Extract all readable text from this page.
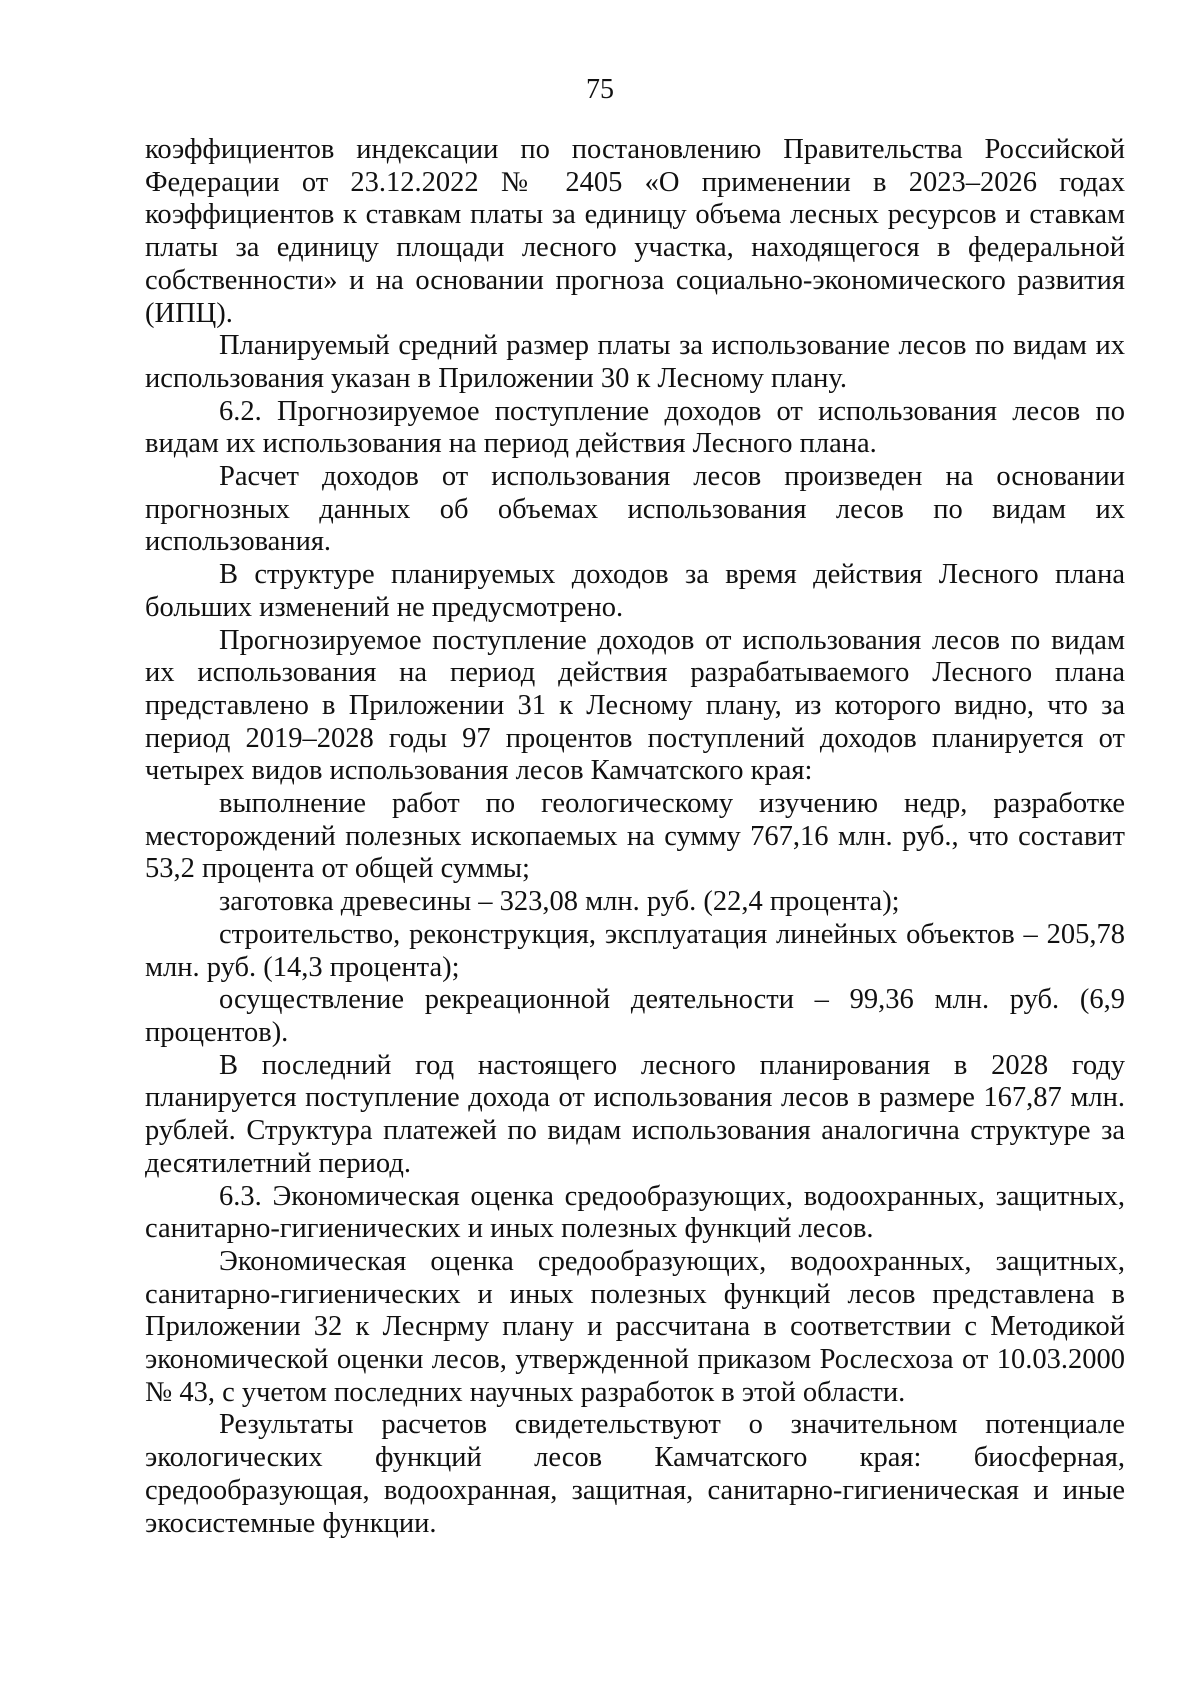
75

коэффициентов индексации по постановлению Правительства Российской Федерации от 23.12.2022 № 2405 «О применении в 2023–2026 годах коэффициентов к ставкам платы за единицу объема лесных ресурсов и ставкам платы за единицу площади лесного участка, находящегося в федеральной собственности» и на основании прогноза социально-экономического развития (ИПЦ).

Планируемый средний размер платы за использование лесов по видам их использования указан в Приложении 30 к Лесному плану.

6.2. Прогнозируемое поступление доходов от использования лесов по видам их использования на период действия Лесного плана.

Расчет доходов от использования лесов произведен на основании прогнозных данных об объемах использования лесов по видам их использования.

В структуре планируемых доходов за время действия Лесного плана больших изменений не предусмотрено.

Прогнозируемое поступление доходов от использования лесов по видам их использования на период действия разрабатываемого Лесного плана представлено в Приложении 31 к Лесному плану, из которого видно, что за период 2019–2028 годы 97 процентов поступлений доходов планируется от четырех видов использования лесов Камчатского края:

выполнение работ по геологическому изучению недр, разработке месторождений полезных ископаемых на сумму 767,16 млн. руб., что составит 53,2 процента от общей суммы;

заготовка древесины – 323,08 млн. руб. (22,4 процента);

строительство, реконструкция, эксплуатация линейных объектов – 205,78 млн. руб. (14,3 процента);

осуществление рекреационной деятельности – 99,36 млн. руб. (6,9 процентов).

В последний год настоящего лесного планирования в 2028 году планируется поступление дохода от использования лесов в размере 167,87 млн. рублей. Структура платежей по видам использования аналогична структуре за десятилетний период.

6.3. Экономическая оценка средообразующих, водоохранных, защитных, санитарно-гигиенических и иных полезных функций лесов.

Экономическая оценка средообразующих, водоохранных, защитных, санитарно-гигиенических и иных полезных функций лесов представлена в Приложении 32 к Леснрму плану и рассчитана в соответствии с Методикой экономической оценки лесов, утвержденной приказом Рослесхоза от 10.03.2000 № 43, с учетом последних научных разработок в этой области.

Результаты расчетов свидетельствуют о значительном потенциале экологических функций лесов Камчатского края: биосферная, средообразующая, водоохранная, защитная, санитарно-гигиеническая и иные экосистемные функции.
